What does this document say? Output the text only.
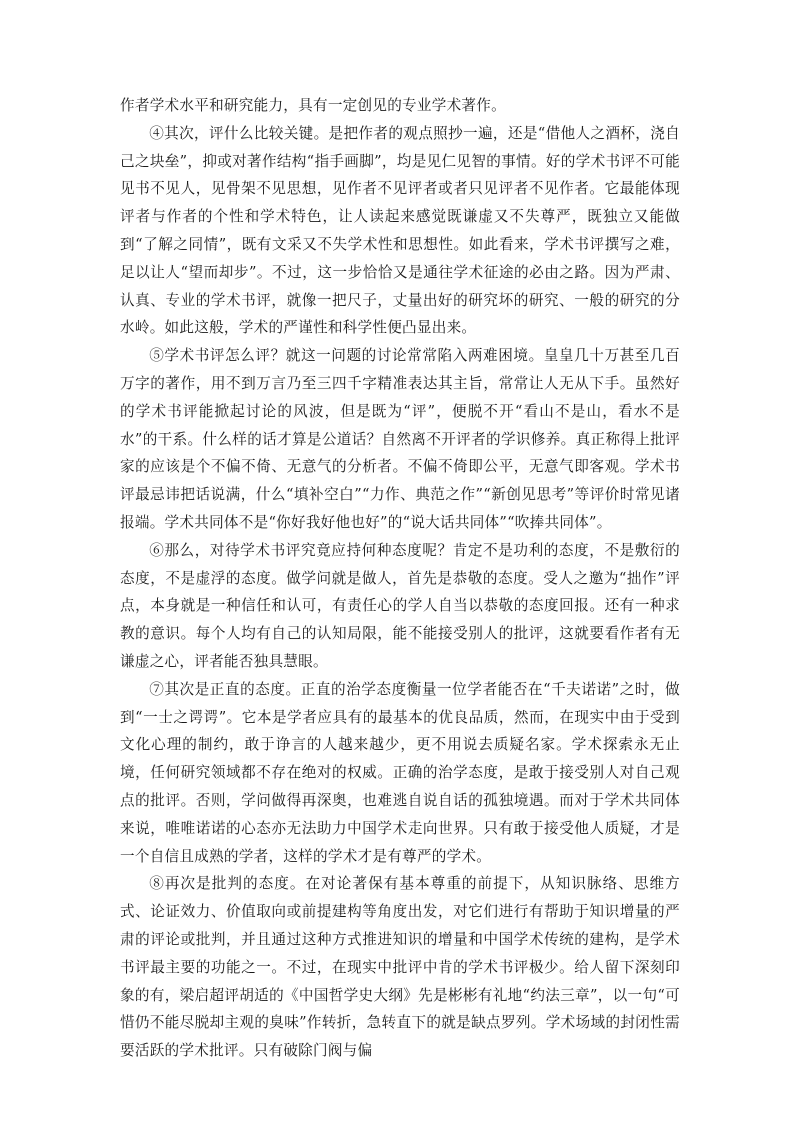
作者学术水平和研究能力，具有一定创见的专业学术著作。

④其次，评什么比较关键。是把作者的观点照抄一遍，还是“借他人之酒杯，浇自己之块垒”，抑或对著作结构“指手画脚”，均是见仁见智的事情。好的学术书评不可能见书不见人，见骨架不见思想，见作者不见评者或者只见评者不见作者。它最能体现评者与作者的个性和学术特色，让人读起来感觉既谦虚又不失尊严，既独立又能做到“了解之同情”，既有文采又不失学术性和思想性。如此看来，学术书评撰写之难，足以让人“望而却步”。不过，这一步恰恰又是通往学术征途的必由之路。因为严肃、认真、专业的学术书评，就像一把尺子，丈量出好的研究坏的研究、一般的研究的分水岭。如此这般，学术的严谨性和科学性便凸显出来。

⑤学术书评怎么评？就这一问题的讨论常常陷入两难困境。皇皇几十万甚至几百万字的著作，用不到万言乃至三四千字精准表达其主旨，常常让人无从下手。虽然好的学术书评能掀起讨论的风波，但是既为“评”，便脱不开“看山不是山，看水不是水”的干系。什么样的话才算是公道话？自然离不开评者的学识修养。真正称得上批评家的应该是个不偏不倚、无意气的分析者。不偏不倚即公平，无意气即客观。学术书评最忌讳把话说满，什么“填补空白”“力作、典范之作”“新创见思考”等评价时常见诸报端。学术共同体不是“你好我好他也好”的“说大话共同体”“吹捧共同体”。

⑥那么，对待学术书评究竟应持何种态度呢？肯定不是功利的态度，不是敷衍的态度，不是虚浮的态度。做学问就是做人，首先是恭敬的态度。受人之邀为“拙作”评点，本身就是一种信任和认可，有责任心的学人自当以恭敬的态度回报。还有一种求教的意识。每个人均有自己的认知局限，能不能接受别人的批评，这就要看作者有无谦虚之心，评者能否独具慧眼。

⑦其次是正直的态度。正直的治学态度衡量一位学者能否在“千夫诺诺”之时，做到“一士之谔谔”。它本是学者应具有的最基本的优良品质，然而，在现实中由于受到文化心理的制约，敢于诤言的人越来越少，更不用说去质疑名家。学术探索永无止境，任何研究领域都不存在绝对的权威。正确的治学态度，是敢于接受别人对自己观点的批评。否则，学问做得再深奥，也难逃自说自话的孤独境遇。而对于学术共同体来说，唯唯诺诺的心态亦无法助力中国学术走向世界。只有敢于接受他人质疑，才是一个自信且成熟的学者，这样的学术才是有尊严的学术。

⑧再次是批判的态度。在对论著保有基本尊重的前提下，从知识脉络、思维方式、论证效力、价值取向或前提建构等角度出发，对它们进行有帮助于知识增量的严肃的评论或批判，并且通过这种方式推进知识的增量和中国学术传统的建构，是学术书评最主要的功能之一。不过，在现实中批评中肯的学术书评极少。给人留下深刻印象的有，梁启超评胡适的《中国哲学史大纲》先是彬彬有礼地“约法三章”，以一句“可惜仍不能尽脱却主观的臭味”作转折，急转直下的就是缺点罗列。学术场域的封闭性需要活跃的学术批评。只有破除门阀与偏
